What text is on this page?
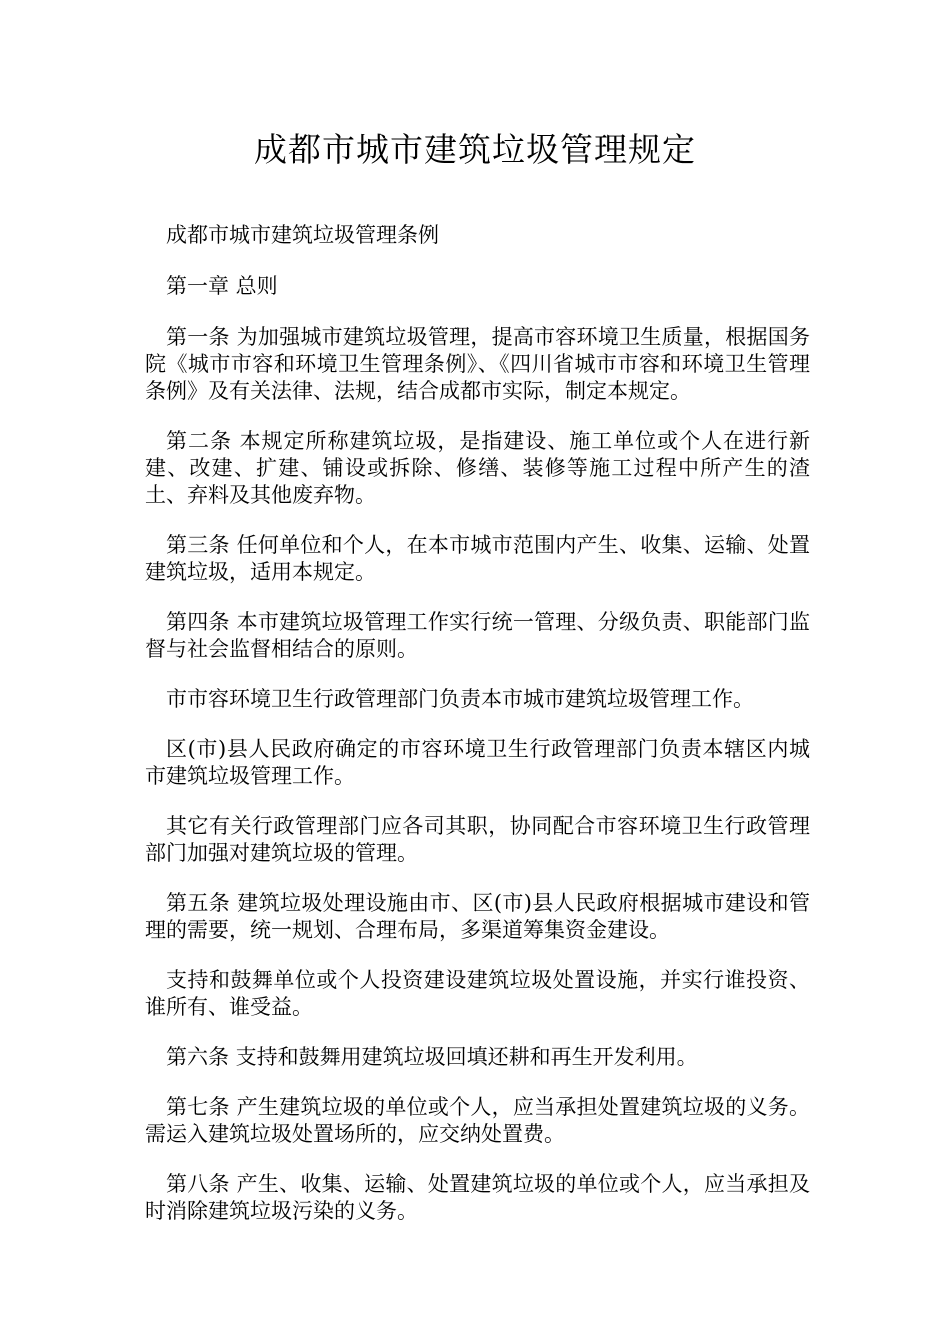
成都市城市建筑垃圾管理规定

成都市城市建筑垃圾管理条例

第一章 总则

第一条 为加强城市建筑垃圾管理，提高市容环境卫生质量，根据国务院《城市市容和环境卫生管理条例》、《四川省城市市容和环境卫生管理条例》及有关法律、法规，结合成都市实际，制定本规定。

第二条 本规定所称建筑垃圾，是指建设、施工单位或个人在进行新建、改建、扩建、铺设或拆除、修缮、装修等施工过程中所产生的渣土、弃料及其他废弃物。

第三条 任何单位和个人，在本市城市范围内产生、收集、运输、处置建筑垃圾，适用本规定。

第四条 本市建筑垃圾管理工作实行统一管理、分级负责、职能部门监督与社会监督相结合的原则。

市市容环境卫生行政管理部门负责本市城市建筑垃圾管理工作。

区(市)县人民政府确定的市容环境卫生行政管理部门负责本辖区内城市建筑垃圾管理工作。

其它有关行政管理部门应各司其职，协同配合市容环境卫生行政管理部门加强对建筑垃圾的管理。

第五条 建筑垃圾处理设施由市、区(市)县人民政府根据城市建设和管理的需要，统一规划、合理布局，多渠道筹集资金建设。

支持和鼓舞单位或个人投资建设建筑垃圾处置设施，并实行谁投资、谁所有、谁受益。

第六条 支持和鼓舞用建筑垃圾回填还耕和再生开发利用。

第七条 产生建筑垃圾的单位或个人，应当承担处置建筑垃圾的义务。需运入建筑垃圾处置场所的，应交纳处置费。

第八条 产生、收集、运输、处置建筑垃圾的单位或个人，应当承担及时消除建筑垃圾污染的义务。
